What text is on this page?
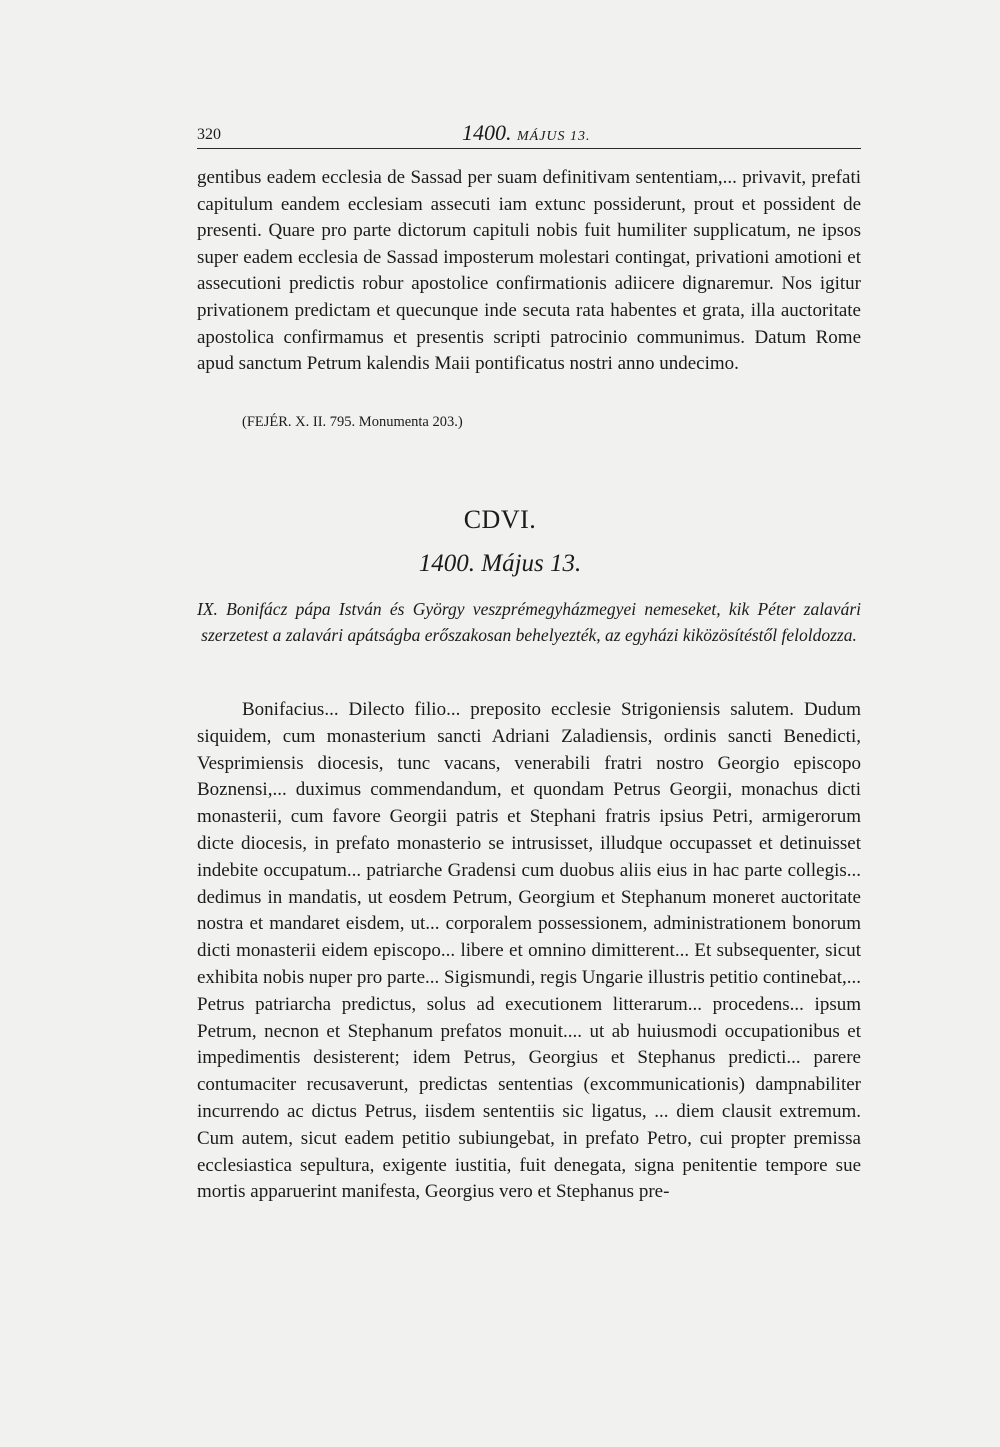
320	1400. MÁJUS 13.

gentibus eadem ecclesia de Sassad per suam definitivam sententiam,... privavit, prefati capitulum eandem ecclesiam assecuti iam extunc possiderunt, prout et possident de presenti. Quare pro parte dictorum capituli nobis fuit humiliter supplicatum, ne ipsos super eadem ecclesia de Sassad imposterum molestari contingat, privationi amotioni et assecutioni predictis robur apostolice confirmationis adiicere dignaremur. Nos igitur privationem predictam et quecunque inde secuta rata habentes et grata, illa auctoritate apostolica confirmamus et presentis scripti patrocinio communimus. Datum Rome apud sanctum Petrum kalendis Maii pontificatus nostri anno undecimo.

(FEJÉR. X. II. 795. Monumenta 203.)

CDVI.

1400. Május 13.

IX. Bonifácz pápa István és György veszprémegyházmegyei nemeseket, kik Péter zalavári szerzetest a zalavári apátságba erőszakosan behelyezték, az egyházi kiközösítéstől feloldozza.

Bonifacius... Dilecto filio... preposito ecclesie Strigoniensis salutem. Dudum siquidem, cum monasterium sancti Adriani Zaladiensis, ordinis sancti Benedicti, Vesprimiensis diocesis, tunc vacans, venerabili fratri nostro Georgio episcopo Boznensi,... duximus commendandum, et quondam Petrus Georgii, monachus dicti monasterii, cum favore Georgii patris et Stephani fratris ipsius Petri, armigerorum dicte diocesis, in prefato monasterio se intrusisset, illudque occupasset et detinuisset indebite occupatum... patriarche Gradensi cum duobus aliis eius in hac parte collegis... dedimus in mandatis, ut eosdem Petrum, Georgium et Stephanum moneret auctoritate nostra et mandaret eisdem, ut... corporalem possessionem, administrationem bonorum dicti monasterii eidem episcopo... libere et omnino dimitterent... Et subsequenter, sicut exhibita nobis nuper pro parte... Sigismundi, regis Ungarie illustris petitio continebat,... Petrus patriarcha predictus, solus ad executionem litterarum... procedens... ipsum Petrum, necnon et Stephanum prefatos monuit.... ut ab huiusmodi occupationibus et impedimentis desisterent; idem Petrus, Georgius et Stephanus predicti... parere contumaciter recusaverunt, predictas sententias (excommunicationis) dampnabiliter incurrendo ac dictus Petrus, iisdem sententiis sic ligatus, ... diem clausit extremum. Cum autem, sicut eadem petitio subiungebat, in prefato Petro, cui propter premissa ecclesiastica sepultura, exigente iustitia, fuit denegata, signa penitentie tempore sue mortis apparuerint manifesta, Georgius vero et Stephanus pre-
